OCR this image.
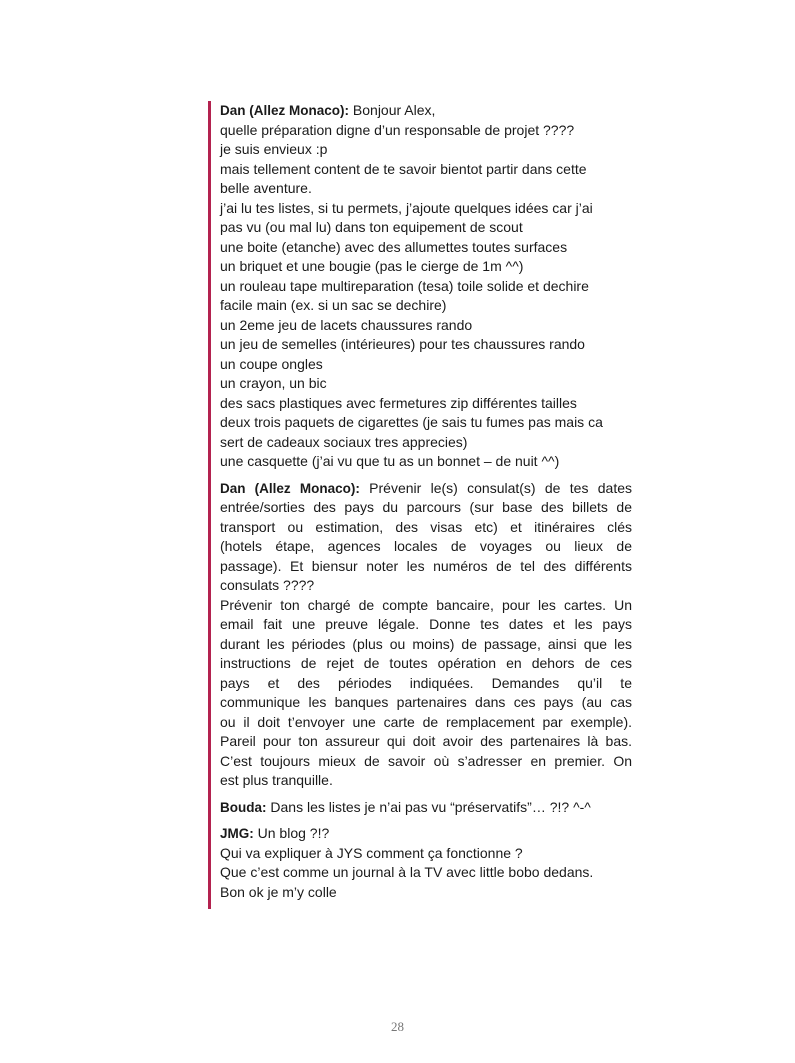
Dan (Allez Monaco): Bonjour Alex,
quelle préparation digne d’un responsable de projet ????
je suis envieux :p
mais tellement content de te savoir bientot partir dans cette
belle aventure.
j’ai lu tes listes, si tu permets, j’ajoute quelques idées car j’ai
pas vu (ou mal lu) dans ton equipement de scout
une boite (etanche) avec des allumettes toutes surfaces
un briquet et une bougie (pas le cierge de 1m ^^)
un rouleau tape multireparation (tesa) toile solide et dechire
facile main (ex. si un sac se dechire)
un 2eme jeu de lacets chaussures rando
un jeu de semelles (intérieures) pour tes chaussures rando
un coupe ongles
un crayon, un bic
des sacs plastiques avec fermetures zip différentes tailles
deux trois paquets de cigarettes (je sais tu fumes pas mais ca
sert de cadeaux sociaux tres apprecies)
une casquette (j’ai vu que tu as un bonnet – de nuit ^^)
Dan (Allez Monaco): Prévenir le(s) consulat(s) de tes dates
entrée/sorties des pays du parcours (sur base des billets de
transport ou estimation, des visas etc) et itinéraires clés
(hotels étape, agences locales de voyages ou lieux de
passage). Et biensur noter les numéros de tel des différents
consulats ????
Prévenir ton chargé de compte bancaire, pour les cartes. Un
email fait une preuve légale. Donne tes dates et les pays
durant les périodes (plus ou moins) de passage, ainsi que les
instructions de rejet de toutes opération en dehors de ces
pays et des périodes indiquées. Demandes qu’il te
communique les banques partenaires dans ces pays (au cas
ou il doit t’envoyer une carte de remplacement par exemple).
Pareil pour ton assureur qui doit avoir des partenaires là bas.
C’est toujours mieux de savoir où s’adresser en premier. On
est plus tranquille.
Bouda: Dans les listes je n’ai pas vu “préservatifs”… ?!? ^-^
JMG: Un blog ?!?
Qui va expliquer à JYS comment ça fonctionne ?
Que c’est comme un journal à la TV avec little bobo dedans.
Bon ok je m’y colle
28
